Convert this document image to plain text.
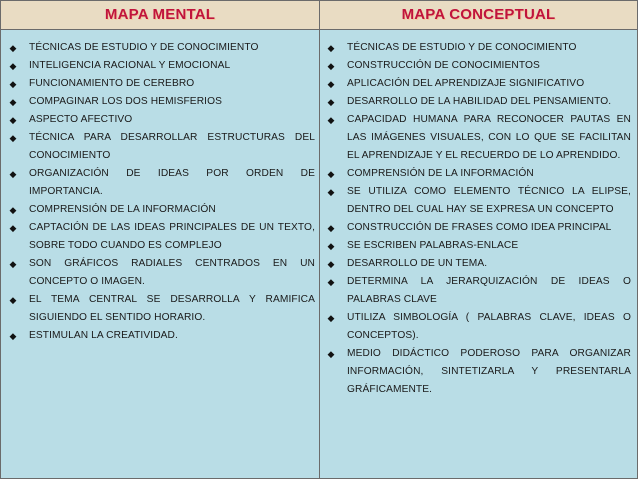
MAPA MENTAL	MAPA CONCEPTUAL
◆ TÉCNICAS DE ESTUDIO Y DE CONOCIMIENTO
◆ INTELIGENCIA RACIONAL Y EMOCIONAL
◆ FUNCIONAMIENTO DE CEREBRO
◆ COMPAGINAR LOS DOS HEMISFERIOS
◆ ASPECTO AFECTIVO
◆ TÉCNICA PARA DESARROLLAR ESTRUCTURAS DEL CONOCIMIENTO
◆ ORGANIZACIÓN DE IDEAS POR ORDEN DE IMPORTANCIA.
◆ COMPRENSIÓN DE LA INFORMACIÓN
◆ CAPTACIÓN DE LAS IDEAS PRINCIPALES DE UN TEXTO, SOBRE TODO CUANDO ES COMPLEJO
◆ SON GRÁFICOS RADIALES CENTRADOS EN UN CONCEPTO O IMAGEN.
◆ EL TEMA CENTRAL SE DESARROLLA Y RAMIFICA SIGUIENDO EL SENTIDO HORARIO.
◆ ESTIMULAN LA CREATIVIDAD.
◆ TÉCNICAS DE ESTUDIO Y DE CONOCIMIENTO
◆ CONSTRUCCIÓN DE CONOCIMIENTOS
◆ APLICACIÓN DEL APRENDIZAJE SIGNIFICATIVO
◆ DESARROLLO DE LA HABILIDAD DEL PENSAMIENTO.
◆ CAPACIDAD HUMANA PARA RECONOCER PAUTAS EN LAS IMÁGENES VISUALES, CON LO QUE SE FACILITAN EL APRENDIZAJE Y EL RECUERDO DE LO APRENDIDO.
◆ COMPRENSIÓN DE LA INFORMACIÓN
◆ SE UTILIZA COMO ELEMENTO TÉCNICO LA ELIPSE, DENTRO DEL CUAL HAY SE EXPRESA UN CONCEPTO
◆ CONSTRUCCIÓN DE FRASES COMO IDEA PRINCIPAL
◆ SE ESCRIBEN PALABRAS-ENLACE
◆ DESARROLLO DE UN TEMA.
◆ DETERMINA LA JERARQUIZACIÓN DE IDEAS O PALABRAS CLAVE
◆ UTILIZA SIMBOLOGÍA ( PALABRAS CLAVE, IDEAS O CONCEPTOS).
◆ MEDIO DIDÁCTICO PODEROSO PARA ORGANIZAR INFORMACIÓN, SINTETIZARLA Y PRESENTARLA GRÁFICAMENTE.
